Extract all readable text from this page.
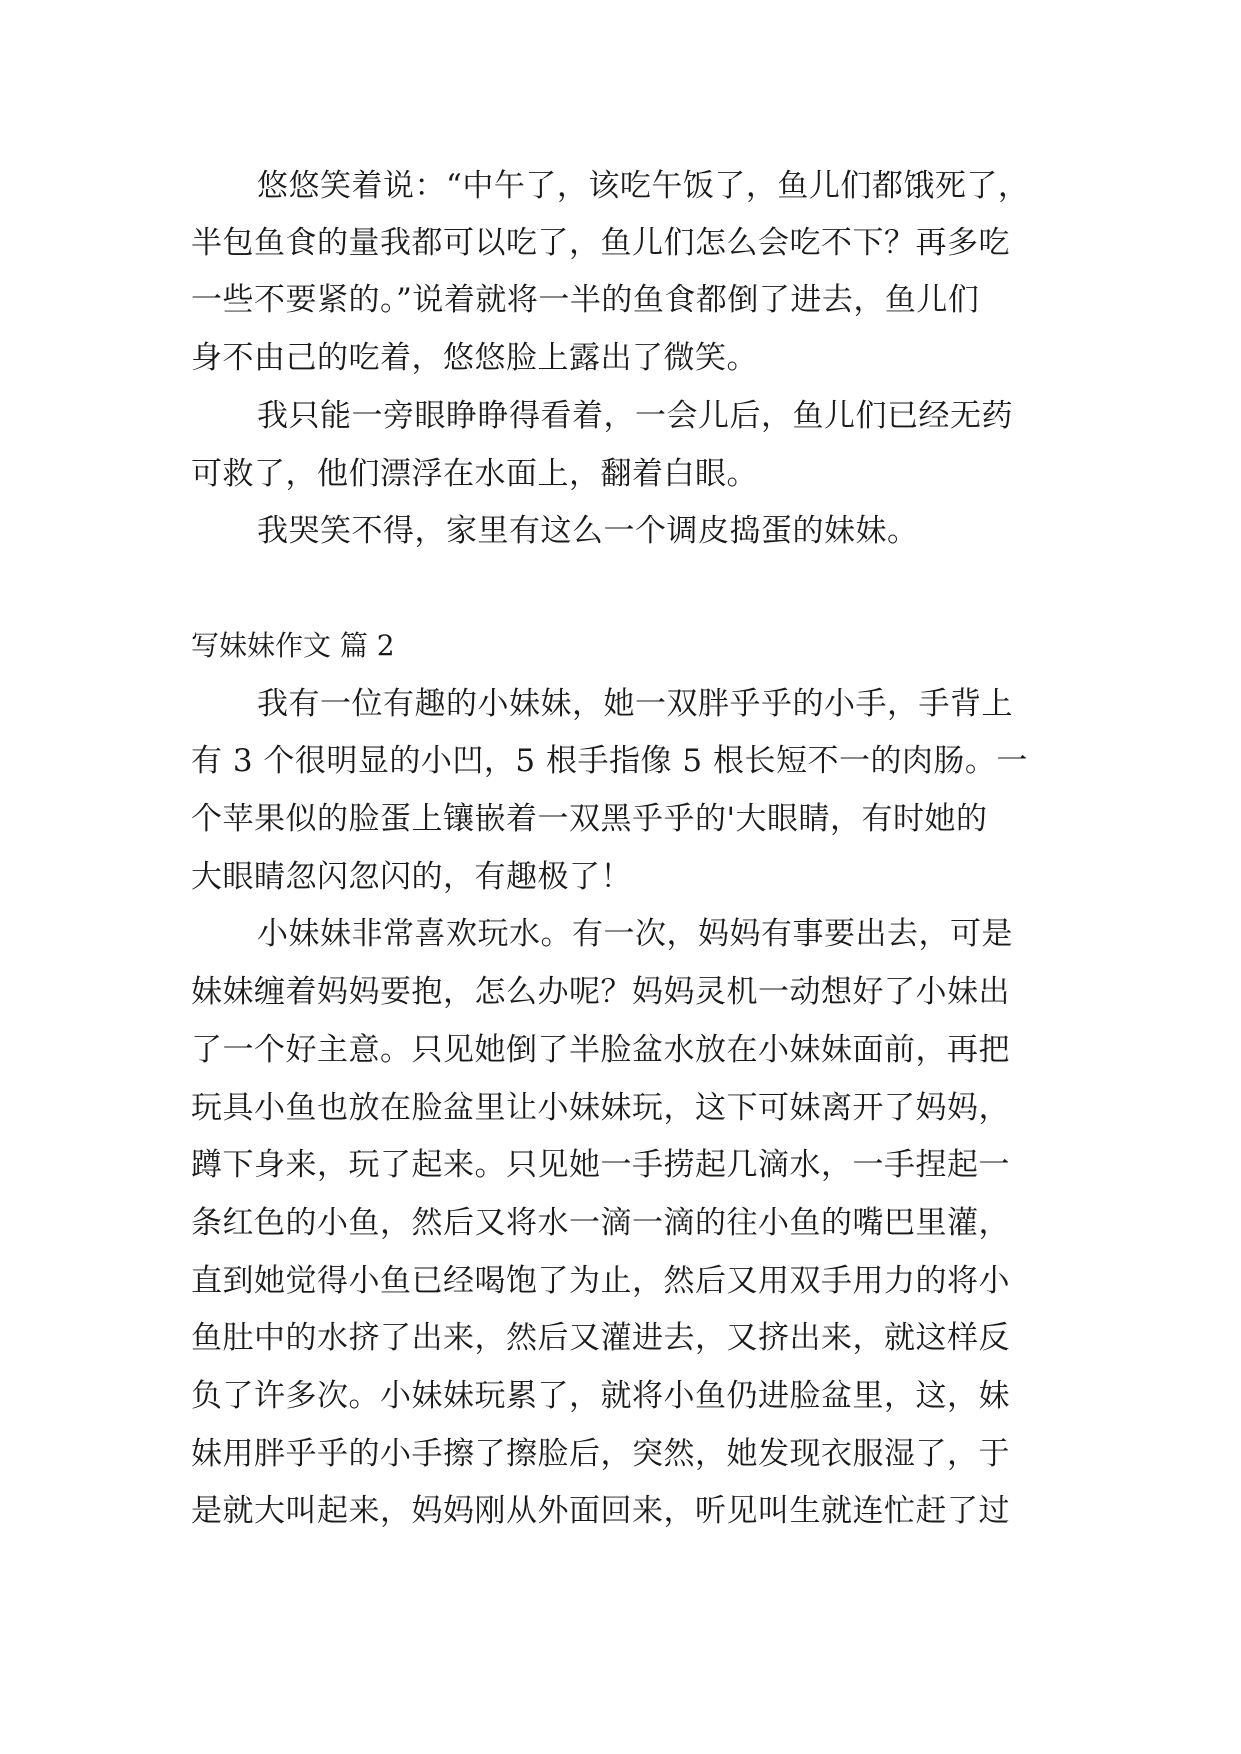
悠悠笑着说：“中午了，该吃午饭了，鱼儿们都饿死了，
半包鱼食的量我都可以吃了，鱼儿们怎么会吃不下？再多吃
一些不要紧的。”说着就将一半的鱼食都倒了进去，鱼儿们
身不由己的吃着，悠悠脸上露出了微笑。
我只能一旁眼睁睁得看着，一会儿后，鱼儿们已经无药
可救了，他们漂浮在水面上，翻着白眼。
我哭笑不得，家里有这么一个调皮捣蛋的妹妹。
写妹妹作文 篇 2
我有一位有趣的小妹妹，她一双胖乎乎的小手，手背上
有 3 个很明显的小凹，5 根手指像 5 根长短不一的肉肠。一
个苹果似的脸蛋上镶嵌着一双黑乎乎的'大眼睛，有时她的
大眼睛忽闪忽闪的，有趣极了！
小妹妹非常喜欢玩水。有一次，妈妈有事要出去，可是
妹妹缠着妈妈要抱，怎么办呢？妈妈灵机一动想好了小妹出
了一个好主意。只见她倒了半脸盆水放在小妹妹面前，再把
玩具小鱼也放在脸盆里让小妹妹玩，这下可妹离开了妈妈，
蹲下身来，玩了起来。只见她一手捞起几滴水，一手捏起一
条红色的小鱼，然后又将水一滴一滴的往小鱼的嘴巴里灌，
直到她觉得小鱼已经喝饱了为止，然后又用双手用力的将小
鱼肚中的水挤了出来，然后又灌进去，又挤出来，就这样反
负了许多次。小妹妹玩累了，就将小鱼仍进脸盆里，这，妹
妹用胖乎乎的小手擦了擦脸后，突然，她发现衣服湿了，于
是就大叫起来，妈妈刚从外面回来，听见叫生就连忙赶了过
